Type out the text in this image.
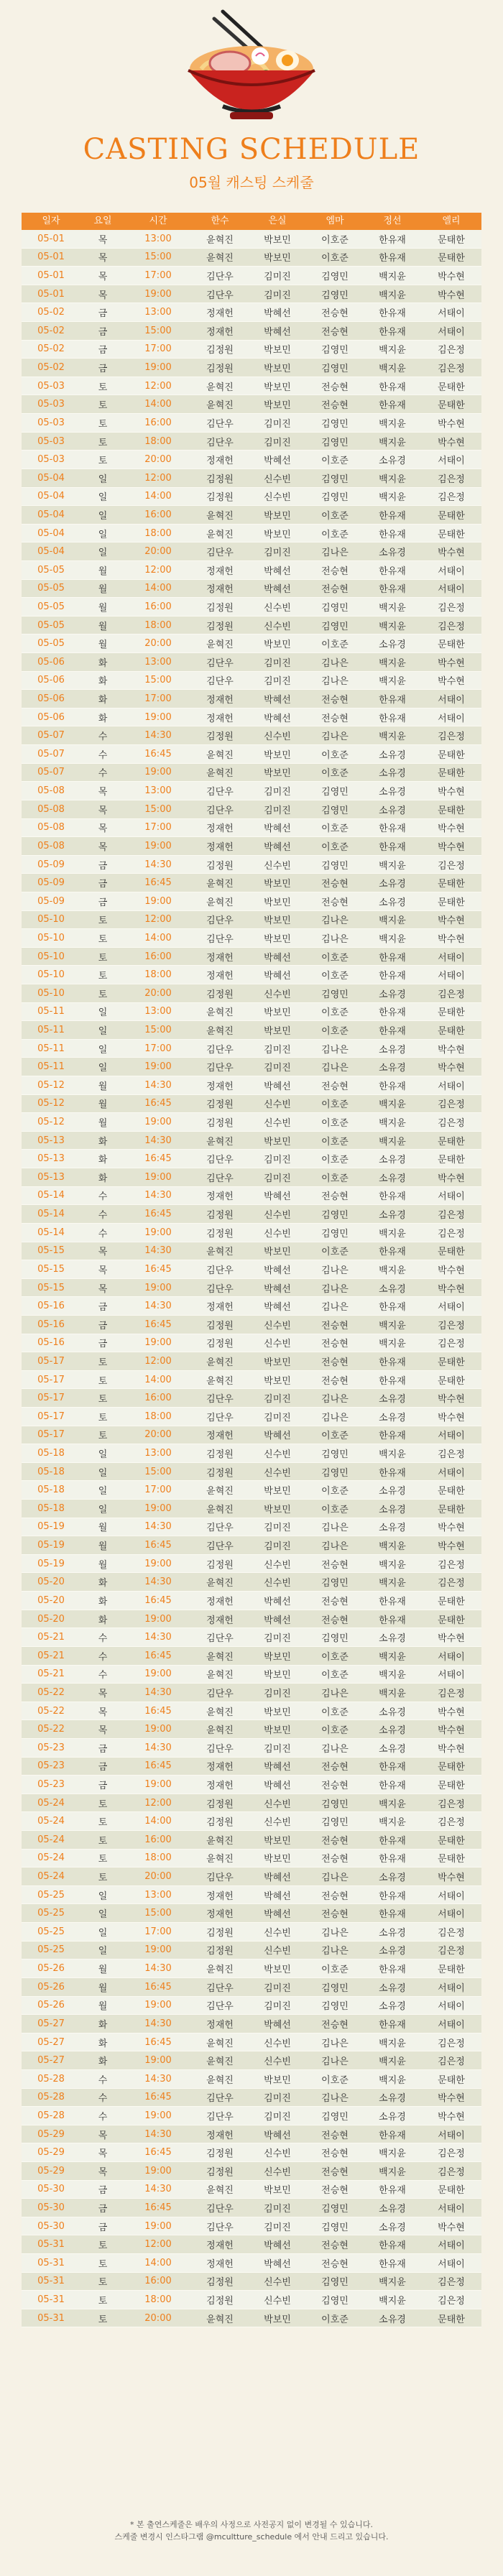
CASTING SCHEDULE
05월 캐스팅 스케줄
일자	요일	시간	한수	은실	엠마	정선	엘리
05-01	목	13:00	윤혁진	박보민	이호준	한유재	문태한
05-01	목	15:00	윤혁진	박보민	이호준	한유재	문태한
05-01	목	17:00	김단우	김미진	김영민	백지윤	박수현
05-01	목	19:00	김단우	김미진	김영민	백지윤	박수현
05-02	금	13:00	정재헌	박혜선	전승현	한유재	서태이
05-02	금	15:00	정재헌	박혜선	전승현	한유재	서태이
05-02	금	17:00	김정원	박보민	김영민	백지윤	김은정
05-02	금	19:00	김정원	박보민	김영민	백지윤	김은정
05-03	토	12:00	윤혁진	박보민	전승현	한유재	문태한
05-03	토	14:00	윤혁진	박보민	전승현	한유재	문태한
05-03	토	16:00	김단우	김미진	김영민	백지윤	박수현
05-03	토	18:00	김단우	김미진	김영민	백지윤	박수현
05-03	토	20:00	정재헌	박혜선	이호준	소유경	서태이
05-04	일	12:00	김정원	신수빈	김영민	백지윤	김은정
05-04	일	14:00	김정원	신수빈	김영민	백지윤	김은정
05-04	일	16:00	윤혁진	박보민	이호준	한유재	문태한
05-04	일	18:00	윤혁진	박보민	이호준	한유재	문태한
05-04	일	20:00	김단우	김미진	김나은	소유경	박수현
05-05	월	12:00	정재헌	박혜선	전승현	한유재	서태이
05-05	월	14:00	정재헌	박혜선	전승현	한유재	서태이
05-05	월	16:00	김정원	신수빈	김영민	백지윤	김은정
05-05	월	18:00	김정원	신수빈	김영민	백지윤	김은정
05-05	월	20:00	윤혁진	박보민	이호준	소유경	문태한
05-06	화	13:00	김단우	김미진	김나은	백지윤	박수현
05-06	화	15:00	김단우	김미진	김나은	백지윤	박수현
05-06	화	17:00	정재헌	박혜선	전승현	한유재	서태이
05-06	화	19:00	정재헌	박혜선	전승현	한유재	서태이
05-07	수	14:30	김정원	신수빈	김나은	백지윤	김은정
05-07	수	16:45	윤혁진	박보민	이호준	소유경	문태한
05-07	수	19:00	윤혁진	박보민	이호준	소유경	문태한
05-08	목	13:00	김단우	김미진	김영민	소유경	박수현
05-08	목	15:00	김단우	김미진	김영민	소유경	문태한
05-08	목	17:00	정재헌	박혜선	이호준	한유재	박수현
05-08	목	19:00	정재헌	박혜선	이호준	한유재	박수현
05-09	금	14:30	김정원	신수빈	김영민	백지윤	김은정
05-09	금	16:45	윤혁진	박보민	전승현	소유경	문태한
05-09	금	19:00	윤혁진	박보민	전승현	소유경	문태한
05-10	토	12:00	김단우	박보민	김나은	백지윤	박수현
05-10	토	14:00	김단우	박보민	김나은	백지윤	박수현
05-10	토	16:00	정재헌	박혜선	이호준	한유재	서태이
05-10	토	18:00	정재헌	박혜선	이호준	한유재	서태이
05-10	토	20:00	김정원	신수빈	김영민	소유경	김은정
05-11	일	13:00	윤혁진	박보민	이호준	한유재	문태한
05-11	일	15:00	윤혁진	박보민	이호준	한유재	문태한
05-11	일	17:00	김단우	김미진	김나은	소유경	박수현
05-11	일	19:00	김단우	김미진	김나은	소유경	박수현
05-12	월	14:30	정재헌	박혜선	전승현	한유재	서태이
05-12	월	16:45	김정원	신수빈	이호준	백지윤	김은정
05-12	월	19:00	김정원	신수빈	이호준	백지윤	김은정
05-13	화	14:30	윤혁진	박보민	이호준	백지윤	문태한
05-13	화	16:45	김단우	김미진	이호준	소유경	문태한
05-13	화	19:00	김단우	김미진	이호준	소유경	박수현
05-14	수	14:30	정재헌	박혜선	전승현	한유재	서태이
05-14	수	16:45	김정원	신수빈	김영민	소유경	김은정
05-14	수	19:00	김정원	신수빈	김영민	백지윤	김은정
05-15	목	14:30	윤혁진	박보민	이호준	한유재	문태한
05-15	목	16:45	김단우	박혜선	김나은	백지윤	박수현
05-15	목	19:00	김단우	박혜선	김나은	소유경	박수현
05-16	금	14:30	정재헌	박혜선	김나은	한유재	서태이
05-16	금	16:45	김정원	신수빈	전승현	백지윤	김은정
05-16	금	19:00	김정원	신수빈	전승현	백지윤	김은정
05-17	토	12:00	윤혁진	박보민	전승현	한유재	문태한
05-17	토	14:00	윤혁진	박보민	전승현	한유재	문태한
05-17	토	16:00	김단우	김미진	김나은	소유경	박수현
05-17	토	18:00	김단우	김미진	김나은	소유경	박수현
05-17	토	20:00	정재헌	박혜선	이호준	한유재	서태이
05-18	일	13:00	김정원	신수빈	김영민	백지윤	김은정
05-18	일	15:00	김정원	신수빈	김영민	한유재	서태이
05-18	일	17:00	윤혁진	박보민	이호준	소유경	문태한
05-18	일	19:00	윤혁진	박보민	이호준	소유경	문태한
05-19	월	14:30	김단우	김미진	김나은	소유경	박수현
05-19	월	16:45	김단우	김미진	김나은	백지윤	박수현
05-19	월	19:00	김정원	신수빈	전승현	백지윤	김은정
05-20	화	14:30	윤혁진	신수빈	김영민	백지윤	김은정
05-20	화	16:45	정재헌	박혜선	전승현	한유재	문태한
05-20	화	19:00	정재헌	박혜선	전승현	한유재	문태한
05-21	수	14:30	김단우	김미진	김영민	소유경	박수현
05-21	수	16:45	윤혁진	박보민	이호준	백지윤	서태이
05-21	수	19:00	윤혁진	박보민	이호준	백지윤	서태이
05-22	목	14:30	김단우	김미진	김나은	백지윤	김은정
05-22	목	16:45	윤혁진	박보민	이호준	소유경	박수현
05-22	목	19:00	윤혁진	박보민	이호준	소유경	박수현
05-23	금	14:30	김단우	김미진	김나은	소유경	박수현
05-23	금	16:45	정재헌	박혜선	전승현	한유재	문태한
05-23	금	19:00	정재헌	박혜선	전승현	한유재	문태한
05-24	토	12:00	김정원	신수빈	김영민	백지윤	김은정
05-24	토	14:00	김정원	신수빈	김영민	백지윤	김은정
05-24	토	16:00	윤혁진	박보민	전승현	한유재	문태한
05-24	토	18:00	윤혁진	박보민	전승현	한유재	문태한
05-24	토	20:00	김단우	박혜선	김나은	소유경	박수현
05-25	일	13:00	정재헌	박혜선	전승현	한유재	서태이
05-25	일	15:00	정재헌	박혜선	전승현	한유재	서태이
05-25	일	17:00	김정원	신수빈	김나은	소유경	김은정
05-25	일	19:00	김정원	신수빈	김나은	소유경	김은정
05-26	월	14:30	윤혁진	박보민	이호준	한유재	문태한
05-26	월	16:45	김단우	김미진	김영민	소유경	서태이
05-26	월	19:00	김단우	김미진	김영민	소유경	서태이
05-27	화	14:30	정재헌	박혜선	전승현	한유재	서태이
05-27	화	16:45	윤혁진	신수빈	김나은	백지윤	김은정
05-27	화	19:00	윤혁진	신수빈	김나은	백지윤	김은정
05-28	수	14:30	윤혁진	박보민	이호준	백지윤	문태한
05-28	수	16:45	김단우	김미진	김나은	소유경	박수현
05-28	수	19:00	김단우	김미진	김영민	소유경	박수현
05-29	목	14:30	정재헌	박혜선	전승현	한유재	서태이
05-29	목	16:45	김정원	신수빈	전승현	백지윤	김은정
05-29	목	19:00	김정원	신수빈	전승현	백지윤	김은정
05-30	금	14:30	윤혁진	박보민	전승현	한유재	문태한
05-30	금	16:45	김단우	김미진	김영민	소유경	서태이
05-30	금	19:00	김단우	김미진	김영민	소유경	박수현
05-31	토	12:00	정재헌	박혜선	전승현	한유재	서태이
05-31	토	14:00	정재헌	박혜선	전승현	한유재	서태이
05-31	토	16:00	김정원	신수빈	김영민	백지윤	김은정
05-31	토	18:00	김정원	신수빈	김영민	백지윤	김은정
05-31	토	20:00	윤혁진	박보민	이호준	소유경	문태한
* 본 출연스케줄은 배우의 사정으로 사전공지 없이 변경될 수 있습니다.
스케줄 변경시 인스타그램 @mcultture_schedule 에서 안내 드리고 있습니다.
